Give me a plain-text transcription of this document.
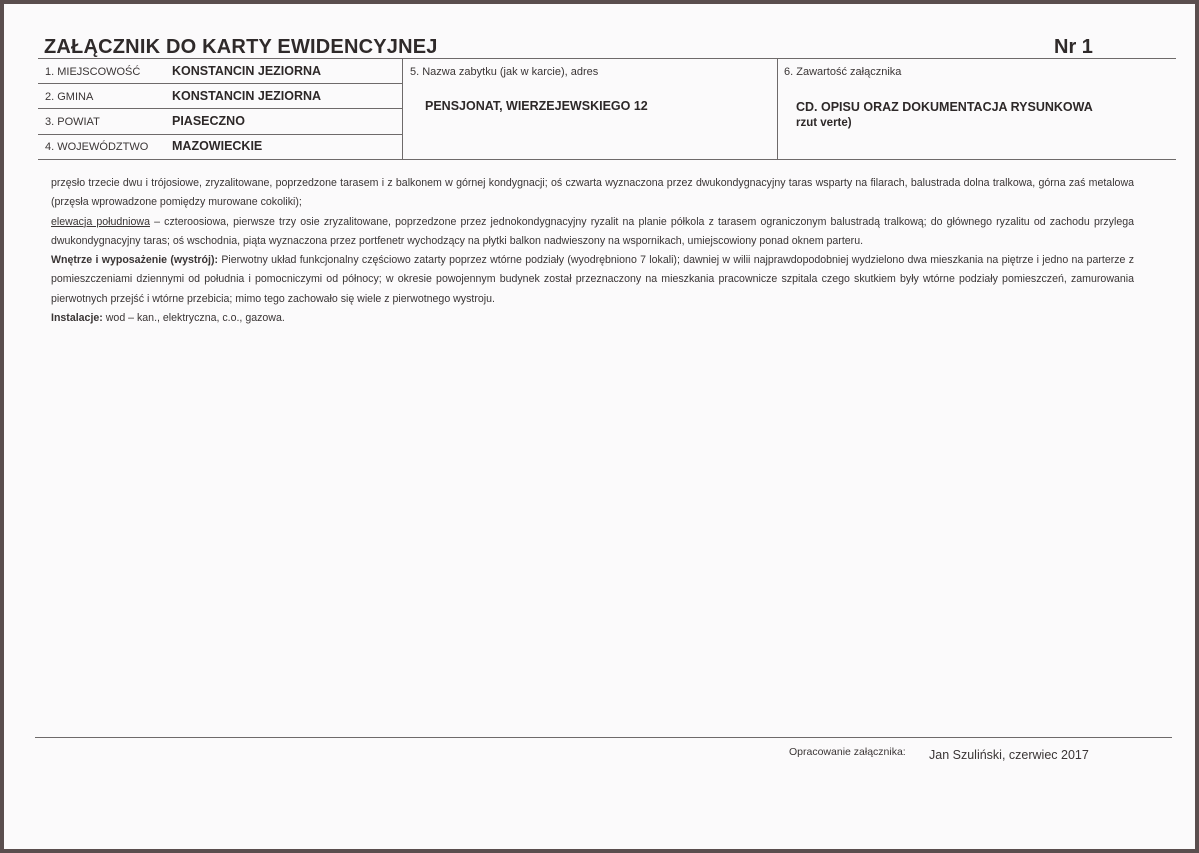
ZAŁĄCZNIK DO KARTY EWIDENCYJNEJ	Nr 1
1. MIEJSCOWOŚĆ	KONSTANCIN JEZIORNA
2. GMINA	KONSTANCIN JEZIORNA
3. POWIAT	PIASECZNO
4. WOJEWÓDZTWO MAZOWIECKIE
5. Nazwa zabytku (jak w karcie), adres
PENSJONAT, WIERZEJEWSKIEGO 12
6. Zawartość załącznika
CD. OPISU ORAZ DOKUMENTACJA RYSUNKOWA
rzut verte)

przęsło trzecie dwu i trójosiowe, zryzalitowane, poprzedzone tarasem i z balkonem w górnej kondygnacji; oś czwarta wyznaczona przez dwukondygnacyjny taras wsparty na filarach, balustrada dolna tralkowa, górna zaś metalowa (przęsła wprowadzone pomiędzy murowane cokoliki);

elewacja południowa – czteroosiowa, pierwsze trzy osie zryzalitowane, poprzedzone przez jednokondygnacyjny ryzalit na planie półkola z tarasem ograniczonym balustradą tralkową; do głównego ryzalitu od zachodu przylega dwukondygnacyjny taras; oś wschodnia, piąta wyznaczona przez portfenetr wychodzący na płytki balkon nadwieszony na wspornikach, umiejscowiony ponad oknem parteru.

Wnętrze i wyposażenie (wystrój): Pierwotny układ funkcjonalny częściowo zatarty poprzez wtórne podziały (wyodrębniono 7 lokali); dawniej w wilii najprawdopodobniej wydzielono dwa mieszkania na piętrze i jedno na parterze z pomieszczeniami dziennymi od południa i pomocniczymi od północy; w okresie powojennym budynek został przeznaczony na mieszkania pracownicze szpitala czego skutkiem były wtórne podziały pomieszczeń, zamurowania pierwotnych przejść i wtórne przebicia; mimo tego zachowało się wiele z pierwotnego wystroju.

Instalacje: wod – kan., elektryczna, c.o., gazowa.

Opracowanie załącznika: Jan Szuliński, czerwiec 2017
